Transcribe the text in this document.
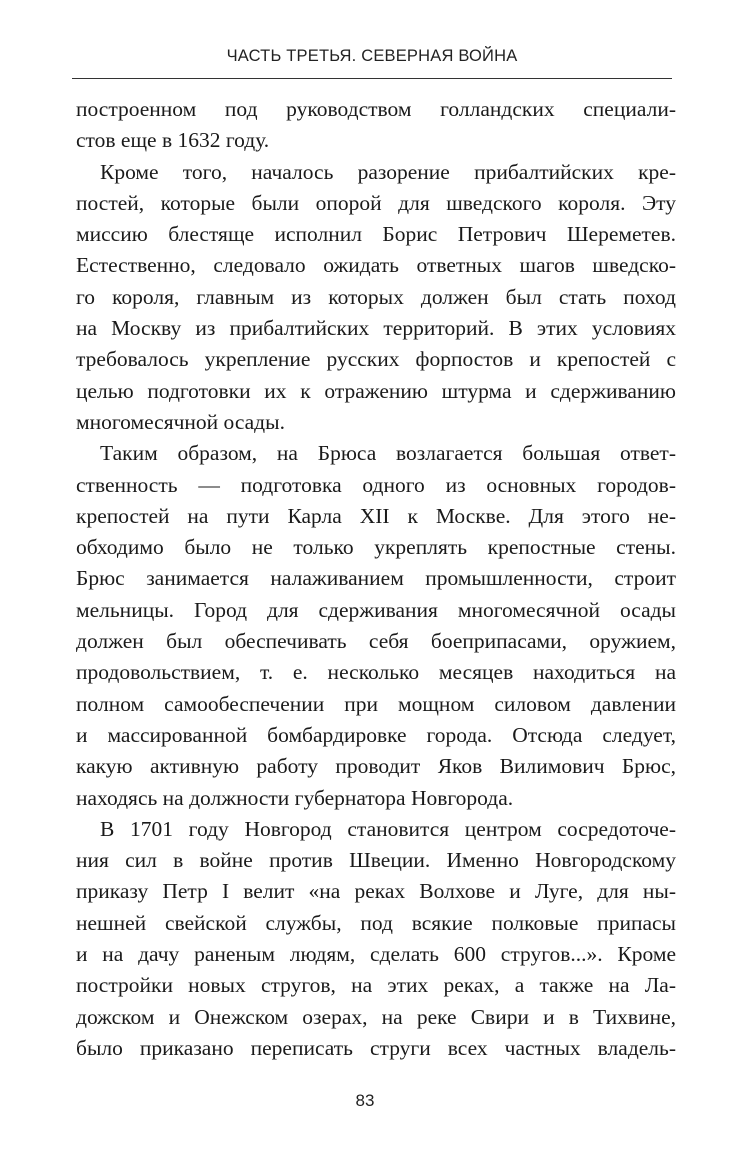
ЧАСТЬ ТРЕТЬЯ. СЕВЕРНАЯ ВОЙНА
построенном под руководством голландских специали-
стов еще в 1632 году.
Кроме того, началось разорение прибалтийских кре-
постей, которые были опорой для шведского короля. Эту
миссию блестяще исполнил Борис Петрович Шереметев.
Естественно, следовало ожидать ответных шагов шведско-
го короля, главным из которых должен был стать поход
на Москву из прибалтийских территорий. В этих условиях
требовалось укрепление русских форпостов и крепостей с
целью подготовки их к отражению штурма и сдерживанию
многомесячной осады.
Таким образом, на Брюса возлагается большая ответ-
ственность — подготовка одного из основных городов-
крепостей на пути Карла XII к Москве. Для этого не-
обходимо было не только укреплять крепостные стены.
Брюс занимается налаживанием промышленности, строит
мельницы. Город для сдерживания многомесячной осады
должен был обеспечивать себя боеприпасами, оружием,
продовольствием, т. е. несколько месяцев находиться на
полном самообеспечении при мощном силовом давлении
и массированной бомбардировке города. Отсюда следует,
какую активную работу проводит Яков Вилимович Брюс,
находясь на должности губернатора Новгорода.
В 1701 году Новгород становится центром сосредоточе-
ния сил в войне против Швеции. Именно Новгородскому
приказу Петр I велит «на реках Волхове и Луге, для ны-
нешней свейской службы, под всякие полковые припасы
и на дачу раненым людям, сделать 600 стругов...». Кроме
постройки новых стругов, на этих реках, а также на Ла-
дожском и Онежском озерах, на реке Свири и в Тихвине,
было приказано переписать струги всех частных владель-
83
